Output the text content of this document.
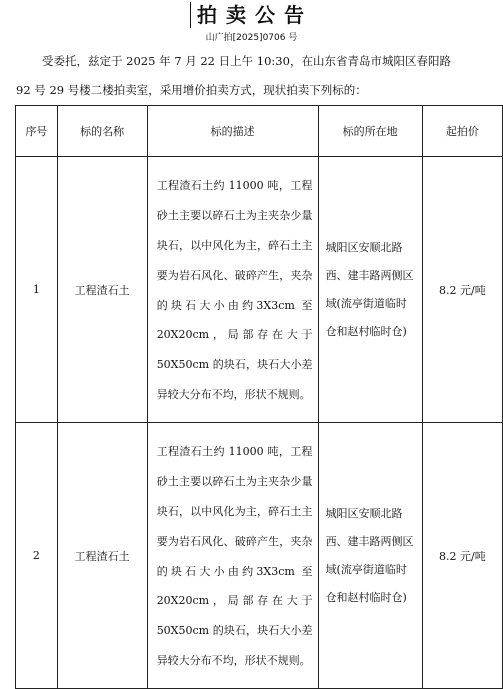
拍卖公告
山广拍[2025]0706 号
受委托，兹定于 2025 年 7 月 22 日上午 10:30，在山东省青岛市城阳区春阳路
92 号 29 号楼二楼拍卖室，采用增价拍卖方式，现状拍卖下列标的：
序号	标的名称	标的描述	标的所在地	起拍价
1	工程渣石土	工程渣石土约 11000 吨，工程砂土主要以碎石土为主夹杂少量块石，以中风化为主，碎石土主要为岩石风化、破碎产生，夹杂的块石大小由约3X3cm 至 20X20cm，局部存在大于 50X50cm 的块石，块石大小差异较大分布不均，形状不规则。	城阳区安顺北路西、建丰路两侧区域(流亭街道临时仓和赵村临时仓)	8.2 元/吨
2	工程渣石土	工程渣石土约 11000 吨，工程砂土主要以碎石土为主夹杂少量块石，以中风化为主，碎石土主要为岩石风化、破碎产生，夹杂的块石大小由约3X3cm 至 20X20cm，局部存在大于 50X50cm 的块石，块石大小差异较大分布不均，形状不规则。	城阳区安顺北路西、建丰路两侧区域(流亭街道临时仓和赵村临时仓)	8.2 元/吨
